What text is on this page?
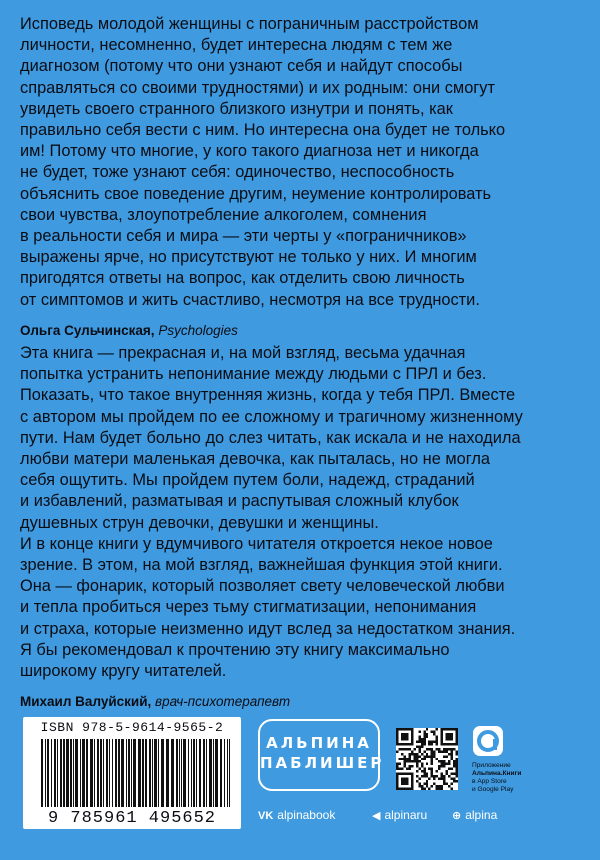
Исповедь молодой женщины с пограничным расстройством

личности, несомненно, будет интересна людям с тем же

диагнозом (потому что они узнают себя и найдут способы

справляться со своими трудностями) и их родным: они смогут

увидеть своего странного близкого изнутри и понять, как

правильно себя вести с ним. Но интересна она будет не только

им! Потому что многие, у кого такого диагноза нет и никогда

не будет, тоже узнают себя: одиночество, неспособность

объяснить свое поведение другим, неумение контролировать

свои чувства, злоупотребление алкоголем, сомнения

в реальности себя и мира — эти черты у «пограничников»

выражены ярче, но присутствуют не только у них. И многим

пригодятся ответы на вопрос, как отделить свою личность

от симптомов и жить счастливо, несмотря на все трудности.

Ольга Сульчинская, Psychologies

Эта книга — прекрасная и, на мой взгляд, весьма удачная

попытка устранить непонимание между людьми с ПРЛ и без.

Показать, что такое внутренняя жизнь, когда у тебя ПРЛ. Вместе

с автором мы пройдем по ее сложному и трагичному жизненному

пути. Нам будет больно до слез читать, как искала и не находила

любви матери маленькая девочка, как пыталась, но не могла

себя ощутить. Мы пройдем путем боли, надежд, страданий

и избавлений, разматывая и распутывая сложный клубок

душевных струн девочки, девушки и женщины.

И в конце книги у вдумчивого читателя откроется некое новое

зрение. В этом, на мой взгляд, важнейшая функция этой книги.

Она — фонарик, который позволяет свету человеческой любви

и тепла пробиться через тьму стигматизации, непонимания

и страха, которые неизменно идут вслед за недостатком знания.

Я бы рекомендовал к прочтению эту книгу максимально

широкому кругу читателей.

Михаил Валуйский, врач-психотерапевт

ISBN 978-5-9614-9565-2
9 785961 495652
АЛЬПИНА
ПАБЛИШЕР	Приложение
Альпина.Книги
в App Store
и Google Play
VK alpinabook	◀ alpinaru ⊕ alpina
